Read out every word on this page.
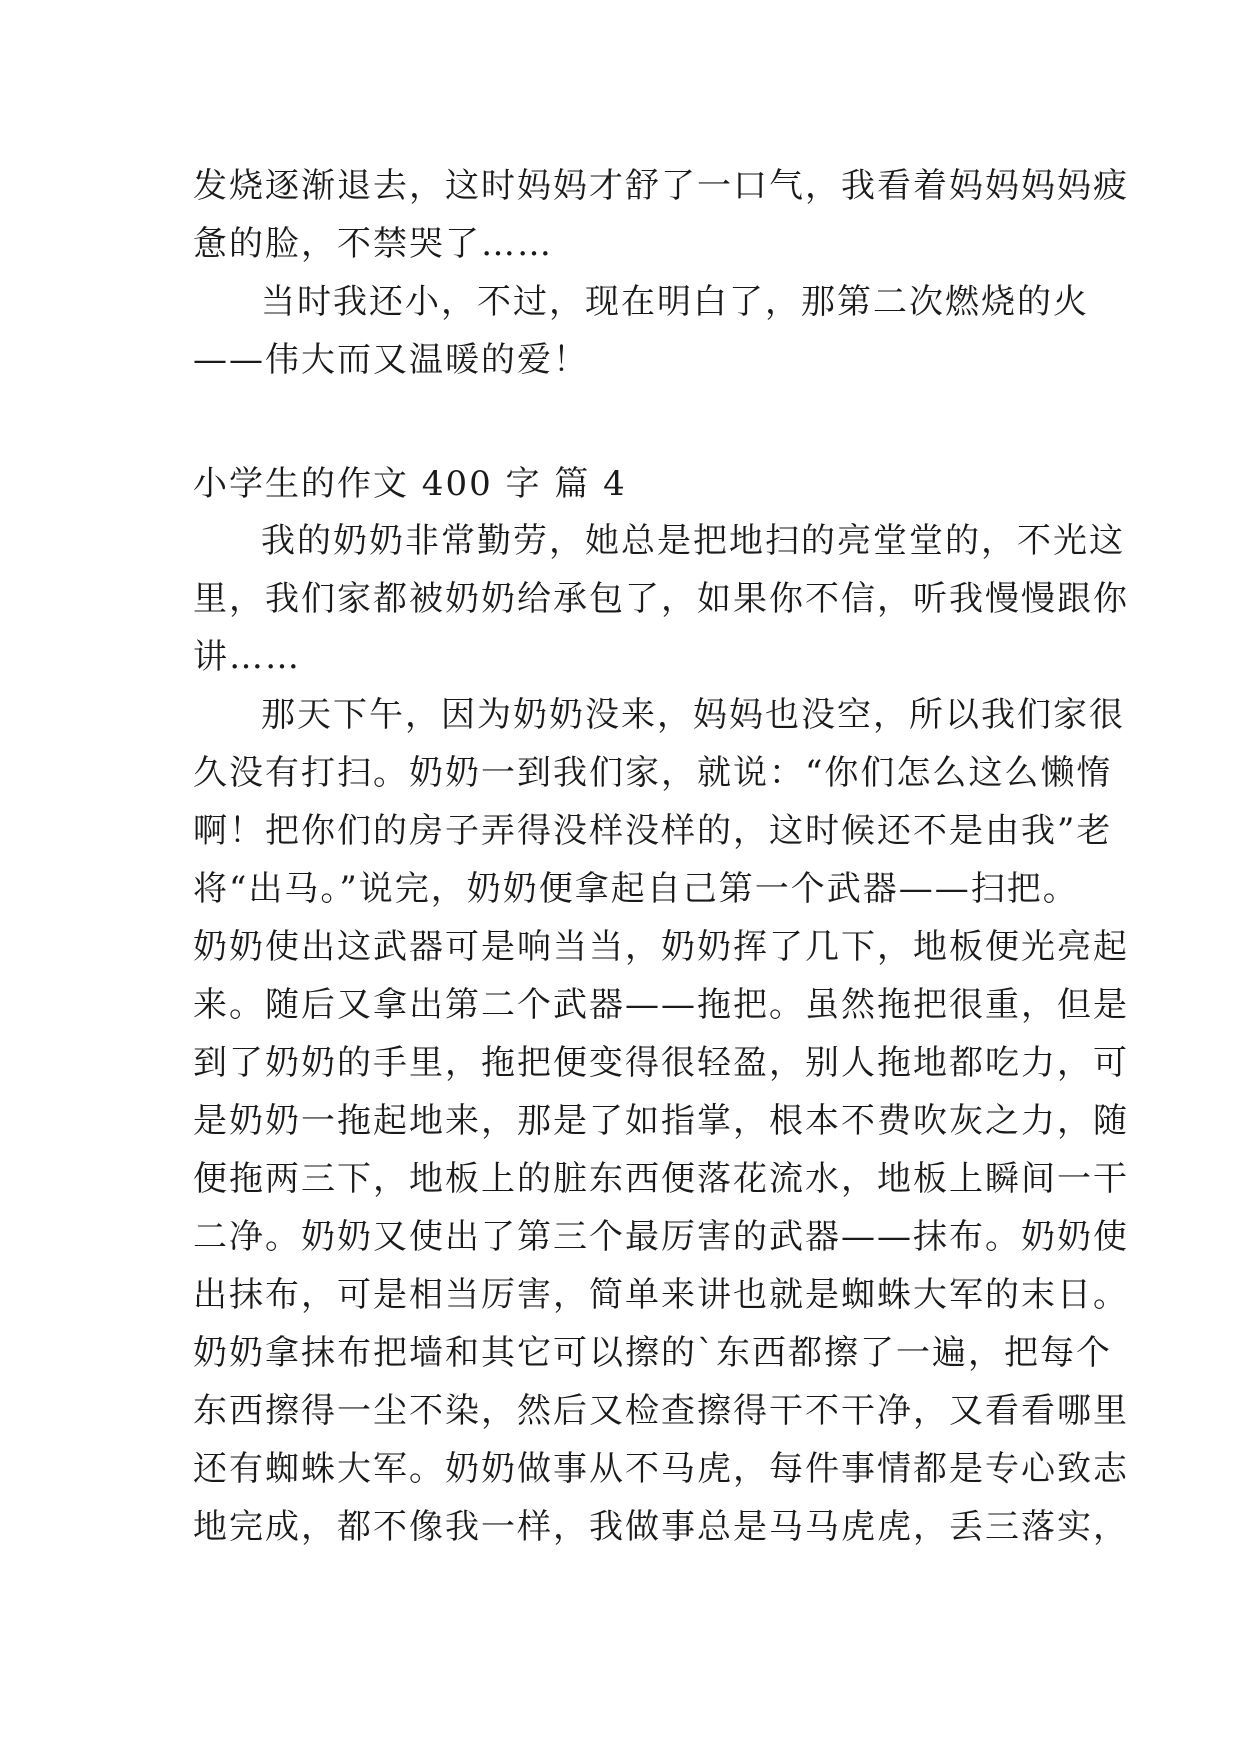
发烧逐渐退去，这时妈妈才舒了一口气，我看着妈妈妈妈疲
惫的脸，不禁哭了……
当时我还小，不过，现在明白了，那第二次燃烧的火
——伟大而又温暖的爱！
小学生的作文 400 字 篇 4
我的奶奶非常勤劳，她总是把地扫的亮堂堂的，不光这
里，我们家都被奶奶给承包了，如果你不信，听我慢慢跟你
讲……
那天下午，因为奶奶没来，妈妈也没空，所以我们家很
久没有打扫。奶奶一到我们家，就说：“你们怎么这么懒惰
啊！把你们的房子弄得没样没样的，这时候还不是由我”老
将“出马。”说完，奶奶便拿起自己第一个武器——扫把。
奶奶使出这武器可是响当当，奶奶挥了几下，地板便光亮起
来。随后又拿出第二个武器——拖把。虽然拖把很重，但是
到了奶奶的手里，拖把便变得很轻盈，别人拖地都吃力，可
是奶奶一拖起地来，那是了如指掌，根本不费吹灰之力，随
便拖两三下，地板上的脏东西便落花流水，地板上瞬间一干
二净。奶奶又使出了第三个最厉害的武器——抹布。奶奶使
出抹布，可是相当厉害，简单来讲也就是蜘蛛大军的末日。
奶奶拿抹布把墙和其它可以擦的`东西都擦了一遍，把每个
东西擦得一尘不染，然后又检查擦得干不干净，又看看哪里
还有蜘蛛大军。奶奶做事从不马虎，每件事情都是专心致志
地完成，都不像我一样，我做事总是马马虎虎，丢三落实，
